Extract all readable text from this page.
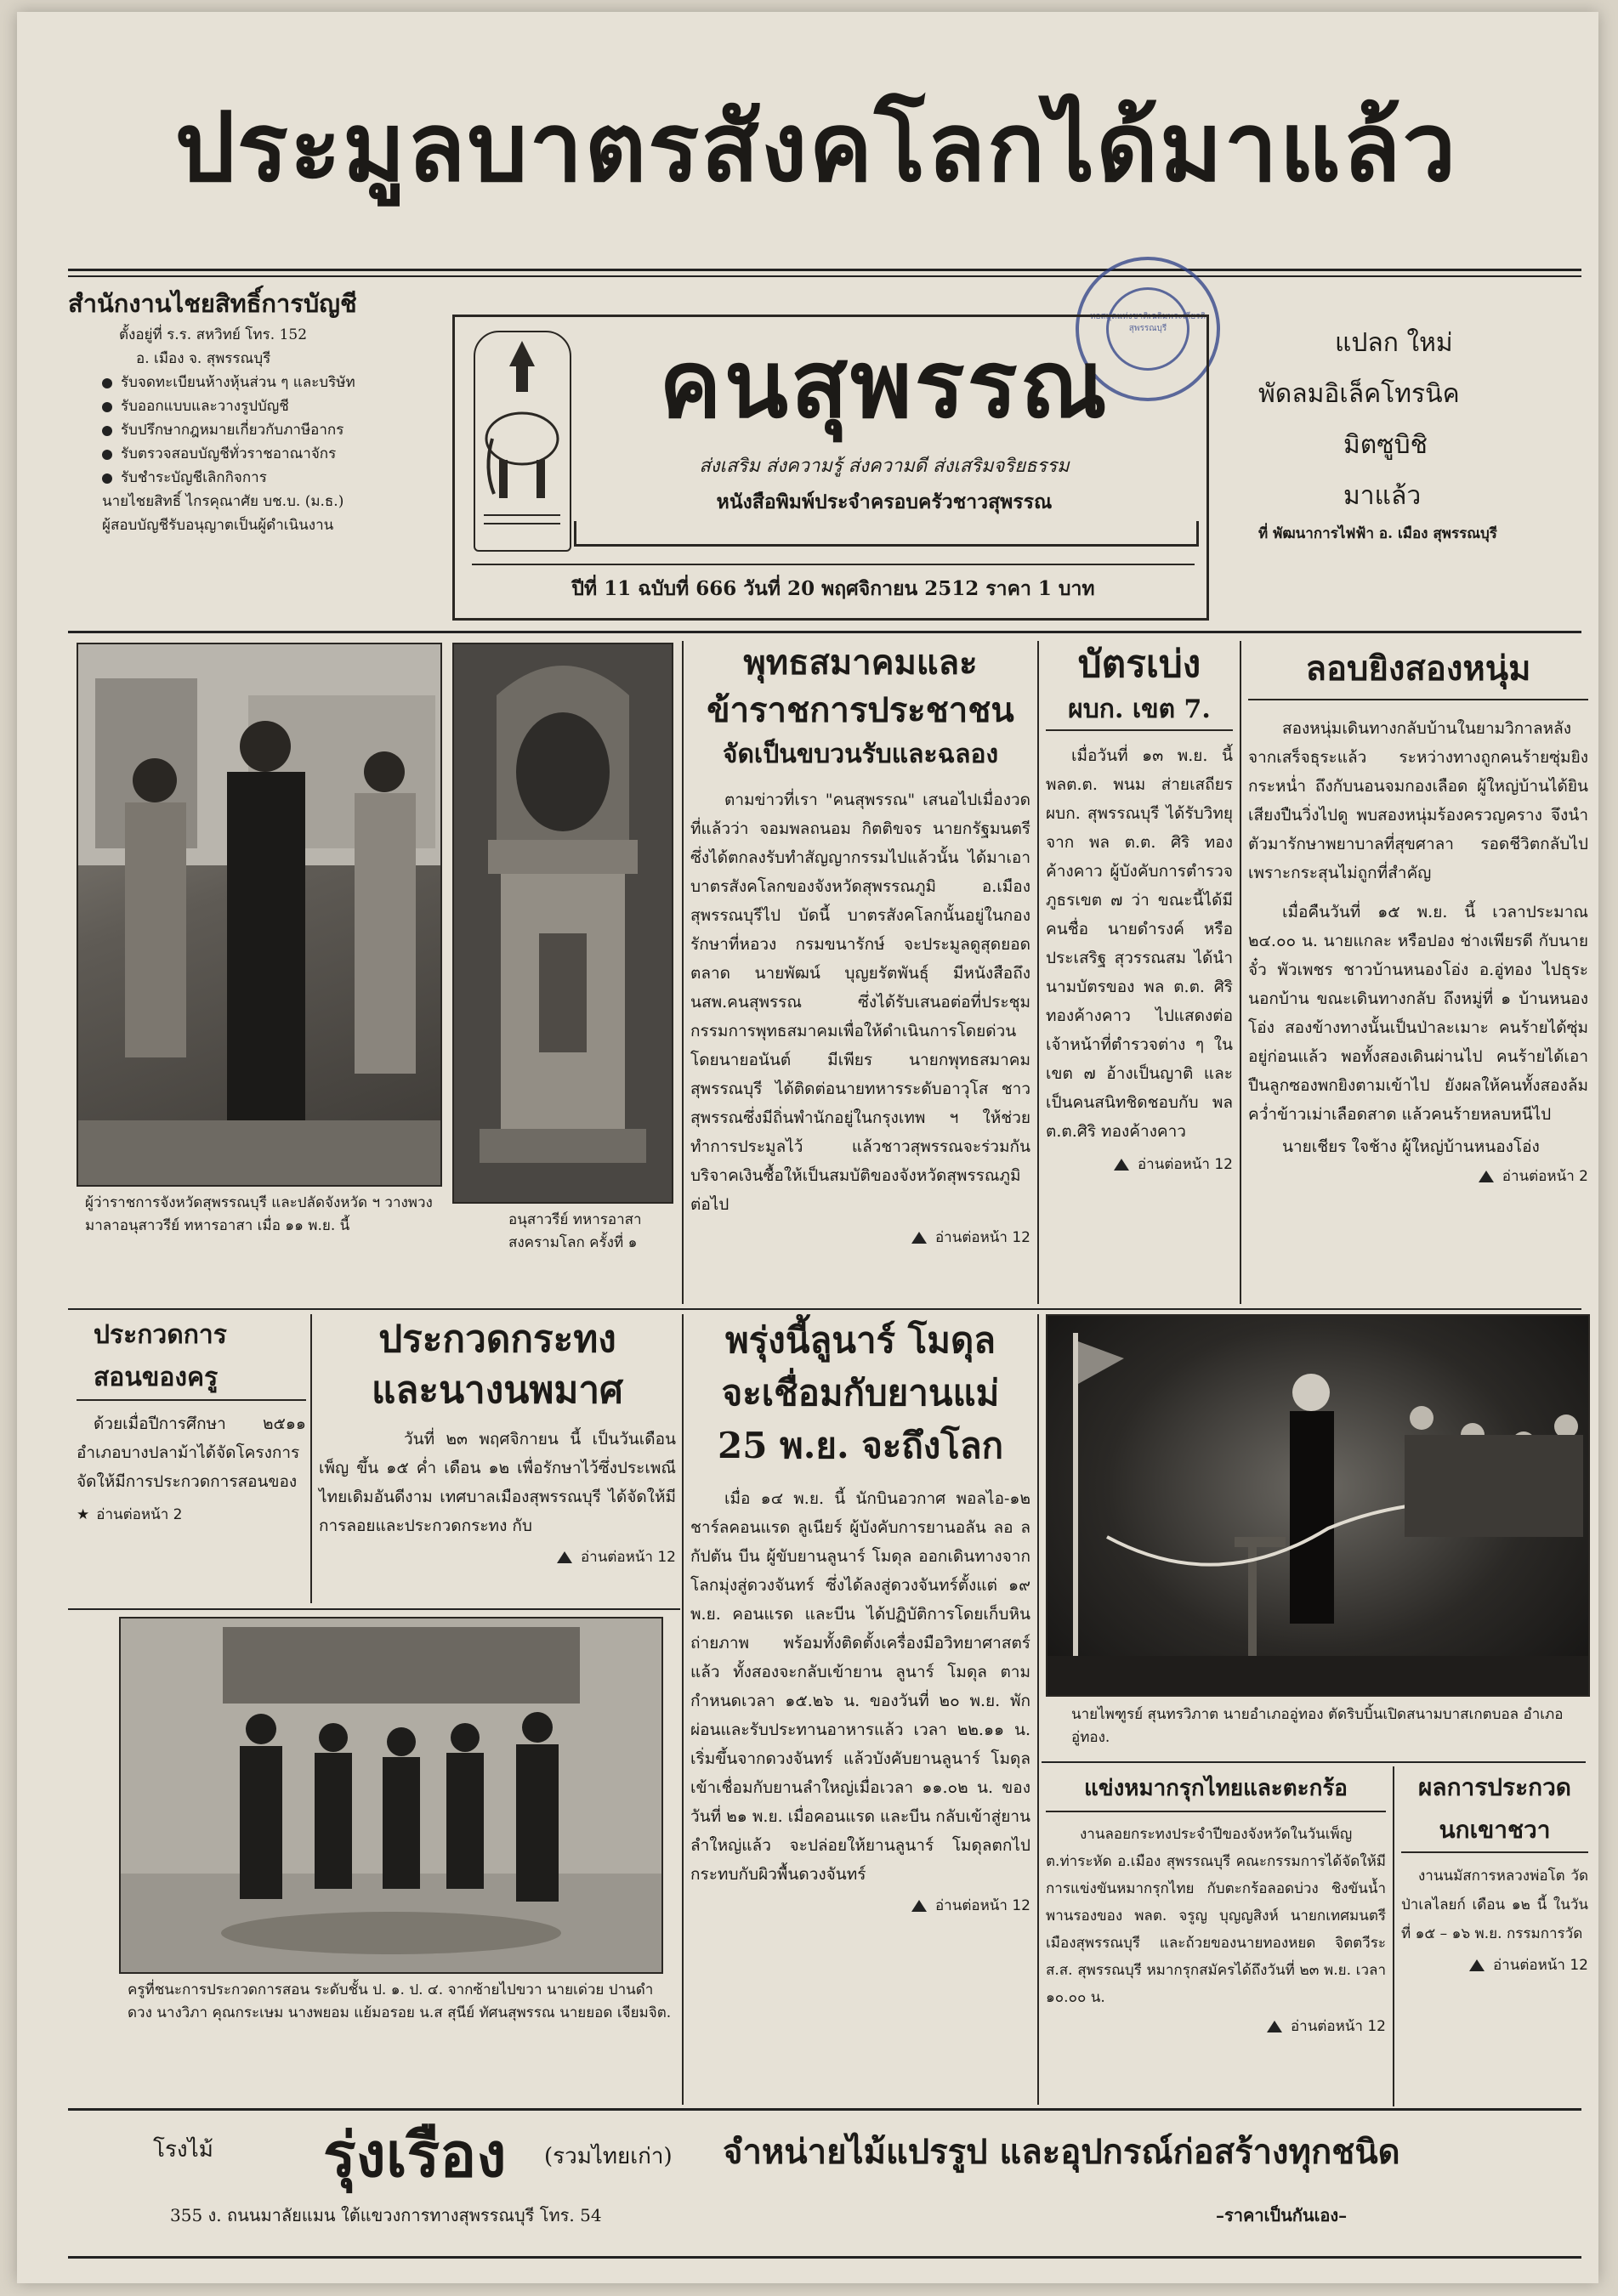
ประมูลบาตรสังคโลกได้มาแล้ว
หอสมุดแห่งชาติเฉลิมพระเกียรติ สุพรรณบุรี
สำนักงานไชยสิทธิ์การบัญชี
ตั้งอยู่ที่ ร.ร. สหวิทย์ โทร. 152
อ. เมือง จ. สุพรรณบุรี
รับจดทะเบียนห้างหุ้นส่วน ๆ และบริษัท
รับออกแบบและวางรูปบัญชี
รับปรึกษากฎหมายเกี่ยวกับภาษีอากร
รับตรวจสอบบัญชีทั่วราชอาณาจักร
รับชำระบัญชีเลิกกิจการ
นายไชยสิทธิ์ ไกรคุณาศัย บช.บ. (ม.ธ.)
ผู้สอบบัญชีรับอนุญาตเป็นผู้ดำเนินงาน
คนสุพรรณ
ส่งเสริม ส่งความรู้ ส่งความดี ส่งเสริมจริยธรรม
หนังสือพิมพ์ประจำครอบครัวชาวสุพรรณ
ปีที่ 11 ฉบับที่ 666 วันที่ 20 พฤศจิกายน 2512 ราคา 1 บาท
แปลก ใหม่
พัดลมอิเล็คโทรนิค
มิตซูบิชิ
มาแล้ว
ที่ พัฒนาการไฟฟ้า อ. เมือง สุพรรณบุรี
ผู้ว่าราชการจังหวัดสุพรรณบุรี และปลัดจังหวัด ฯ วางพวงมาลาอนุสาวรีย์ ทหารอาสา เมื่อ ๑๑ พ.ย. นี้	อนุสาวรีย์ ทหารอาสาสงครามโลก ครั้งที่ ๑
พุทธสมาคมและ
ข้าราชการประชาชน
จัดเป็นขบวนรับและฉลอง

ตามข่าวที่เรา "คนสุพรรณ" เสนอไปเมื่องวดที่แล้วว่า จอมพลถนอม กิตติขจร นายกรัฐมนตรี ซึ่งได้ตกลงรับทำสัญญากรรมไปแล้วนั้น ได้มาเอาบาตรสังคโลกของจังหวัดสุพรรณภูมิ อ.เมืองสุพรรณบุรีไป บัดนี้ บาตรสังคโลกนั้นอยู่ในกองรักษาที่หอวง กรมขนารักษ์ จะประมูลดูสุดยอดตลาด นายพัฒน์ บุญยรัตพันธุ์ มีหนังสือถึง นสพ.คนสุพรรณ ซึ่งได้รับเสนอต่อที่ประชุมกรรมการพุทธสมาคมเพื่อให้ดำเนินการโดยด่วน โดยนายอนันต์ มีเพียร นายกพุทธสมาคมสุพรรณบุรี ได้ติดต่อนายทหารระดับอาวุโส ชาวสุพรรณซึ่งมีถิ่นพำนักอยู่ในกรุงเทพ ฯ ให้ช่วยทำการประมูลไว้ แล้วชาวสุพรรณจะร่วมกันบริจาคเงินซื้อให้เป็นสมบัติของจังหวัดสุพรรณภูมิต่อไป

อ่านต่อหน้า 12
บัตรเบ่ง
ผบก. เขต 7.

เมื่อวันที่ ๑๓ พ.ย. นี้ พลต.ต. พนม ส่ายเสถียร ผบก. สุพรรณบุรี ได้รับวิทยุจาก พล ต.ต. ศิริ ทองค้างคาว ผู้บังคับการตำรวจภูธรเขต ๗ ว่า ขณะนี้ได้มีคนชื่อ นายดำรงค์ หรือประเสริฐ สุวรรณสม ได้นำนามบัตรของ พล ต.ต. ศิริ ทองค้างคาว ไปแสดงต่อเจ้าหน้าที่ตำรวจต่าง ๆ ในเขต ๗ อ้างเป็นญาติ และเป็นคนสนิทชิดชอบกับ พล ต.ต.ศิริ ทองค้างคาว

อ่านต่อหน้า 12
ลอบยิงสองหนุ่ม

สองหนุ่มเดินทางกลับบ้านในยามวิกาลหลังจากเสร็จธุระแล้ว ระหว่างทางถูกคนร้ายซุ่มยิงกระหน่ำ ถึงกับนอนจมกองเลือด ผู้ใหญ่บ้านได้ยินเสียงปืนวิ่งไปดู พบสองหนุ่มร้องครวญคราง จึงนำตัวมารักษาพยาบาลที่สุขศาลา รอดชีวิตกลับไปเพราะกระสุนไม่ถูกที่สำคัญ

เมื่อคืนวันที่ ๑๕ พ.ย. นี้ เวลาประมาณ ๒๔.๐๐ น. นายแกละ หรือปอง ช่างเพียรดี กับนายจั๋ว พัวเพชร ชาวบ้านหนองโอ่ง อ.อู่ทอง ไปธุระนอกบ้าน ขณะเดินทางกลับ ถึงหมู่ที่ ๑ บ้านหนองโอ่ง สองข้างทางนั้นเป็นป่าละเมาะ คนร้ายได้ซุ่มอยู่ก่อนแล้ว พอทั้งสองเดินผ่านไป คนร้ายได้เอาปืนลูกซองพกยิงตามเข้าไป ยังผลให้คนทั้งสองล้มคว่ำข้าวเม่าเลือดสาด แล้วคนร้ายหลบหนีไป

นายเชียร ใจช้าง ผู้ใหญ่บ้านหนองโอ่ง

อ่านต่อหน้า 2
ประกวดการ
สอนของครู

ด้วยเมื่อปีการศึกษา ๒๕๑๑ อำเภอบางปลาม้าได้จัดโครงการจัดให้มีการประกวดการสอนของ

★ อ่านต่อหน้า 2
ประกวดกระทง
และนางนพมาศ

วันที่ ๒๓ พฤศจิกายน นี้ เป็นวันเดือนเพ็ญ ขึ้น ๑๕ ค่ำ เดือน ๑๒ เพื่อรักษาไว้ซึ่งประเพณีไทยเดิมอันดีงาม เทศบาลเมืองสุพรรณบุรี ได้จัดให้มีการลอยและประกวดกระทง กับ

อ่านต่อหน้า 12
ครูที่ชนะการประกวดการสอน ระดับชั้น ป. ๑. ป. ๔. จากซ้ายไปขวา นายเด่วย ปานดำดวง นางวิภา คุณกระเษม นางพยอม แย้มอรอย น.ส สุนีย์ ทัศนสุพรรณ นายยอด เจียมจิต.
พรุ่งนี้ลูนาร์ โมดุล
จะเชื่อมกับยานแม่
25 พ.ย. จะถึงโลก

เมื่อ ๑๔ พ.ย. นี้ นักบินอวกาศ พอลไอ-๑๒ ชาร์ลคอนแรด ลูเนียร์ ผู้บังคับการยานอลัน ลอ ล กัปตัน บีน ผู้ขับยานลูนาร์ โมดุล ออกเดินทางจากโลกมุ่งสู่ดวงจันทร์ ซึ่งได้ลงสู่ดวงจันทร์ตั้งแต่ ๑๙ พ.ย. คอนแรด และบีน ได้ปฏิบัติการโดยเก็บหิน ถ่ายภาพ พร้อมทั้งติดตั้งเครื่องมือวิทยาศาสตร์แล้ว ทั้งสองจะกลับเข้ายาน ลูนาร์ โมดุล ตามกำหนดเวลา ๑๕.๒๖ น. ของวันที่ ๒๐ พ.ย. พักผ่อนและรับประทานอาหารแล้ว เวลา ๒๒.๑๑ น. เริ่มขึ้นจากดวงจันทร์ แล้วบังคับยานลูนาร์ โมดุลเข้าเชื่อมกับยานลำใหญ่เมื่อเวลา ๑๑.๐๒ น. ของวันที่ ๒๑ พ.ย. เมื่อคอนแรด และบีน กลับเข้าสู่ยานลำใหญ่แล้ว จะปล่อยให้ยานลูนาร์ โมดุลตกไปกระทบกับผิวพื้นดวงจันทร์

อ่านต่อหน้า 12
นายไพฑูรย์ สุนทรวิภาต นายอำเภออู่ทอง ตัดริบบิ้นเปิดสนามบาสเกตบอล อำเภออู่ทอง.
แข่งหมากรุกไทยและตะกร้อ

งานลอยกระทงประจำปีของจังหวัดในวันเพ็ญ ต.ท่าระหัด อ.เมือง สุพรรณบุรี คณะกรรมการได้จัดให้มีการแข่งขันหมากรุกไทย กับตะกร้อลอดบ่วง ชิงขันน้ำพานรองของ พลต. จรูญ บุญญสิงห์ นายกเทศมนตรีเมืองสุพรรณบุรี และถ้วยของนายทองหยด จิตตวีระ ส.ส. สุพรรณบุรี หมากรุกสมัครได้ถึงวันที่ ๒๓ พ.ย. เวลา ๑๐.๐๐ น.

อ่านต่อหน้า 12
ผลการประกวด
นกเขาชวา

งานนมัสการหลวงพ่อโต วัดป่าเลไลยก์ เดือน ๑๒ นี้ ในวันที่ ๑๕ – ๑๖ พ.ย. กรรมการวัด

อ่านต่อหน้า 12
โรงไม้ รุ่งเรือง (รวมไทยเก่า) จำหน่ายไม้แปรรูป และอุปกรณ์ก่อสร้างทุกชนิด
355 ง. ถนนมาลัยแมน ใต้แขวงการทางสุพรรณบุรี โทร. 54	–ราคาเป็นกันเอง–
